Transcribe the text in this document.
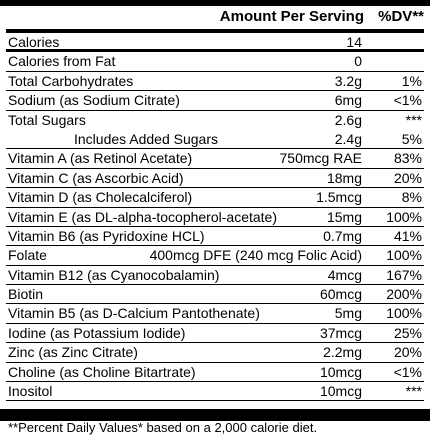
Amount Per Serving %DV**
Calories	14
Calories from Fat	0
Total Carbohydrates	3.2g	1%
Sodium (as Sodium Citrate)	6mg <1%
Total Sugars	2.6g	***
Includes Added Sugars	2.4g	5%
Vitamin A (as Retinol Acetate)	750mcg RAE 83%
Vitamin C (as Ascorbic Acid)	18mg 20%
Vitamin D (as Cholecalciferol)	1.5mcg	8%
Vitamin E (as DL-alpha-tocopherol-acetate)	15mg 100%
Vitamin B6 (as Pyridoxine HCL)	0.7mg 41%
Folate	400mcg DFE (240 mcg Folic Acid) 100%
Vitamin B12 (as Cyanocobalamin)	4mcg 167%
Biotin	60mcg 200%
Vitamin B5 (as D-Calcium Pantothenate)	5mg 100%
Iodine (as Potassium Iodide)	37mcg 25%
Zinc (as Zinc Citrate)	2.2mg 20%
Choline (as Choline Bitartrate)	10mcg <1%
Inositol	10mcg	***
**Percent Daily Values* based on a 2,000 calorie diet.
